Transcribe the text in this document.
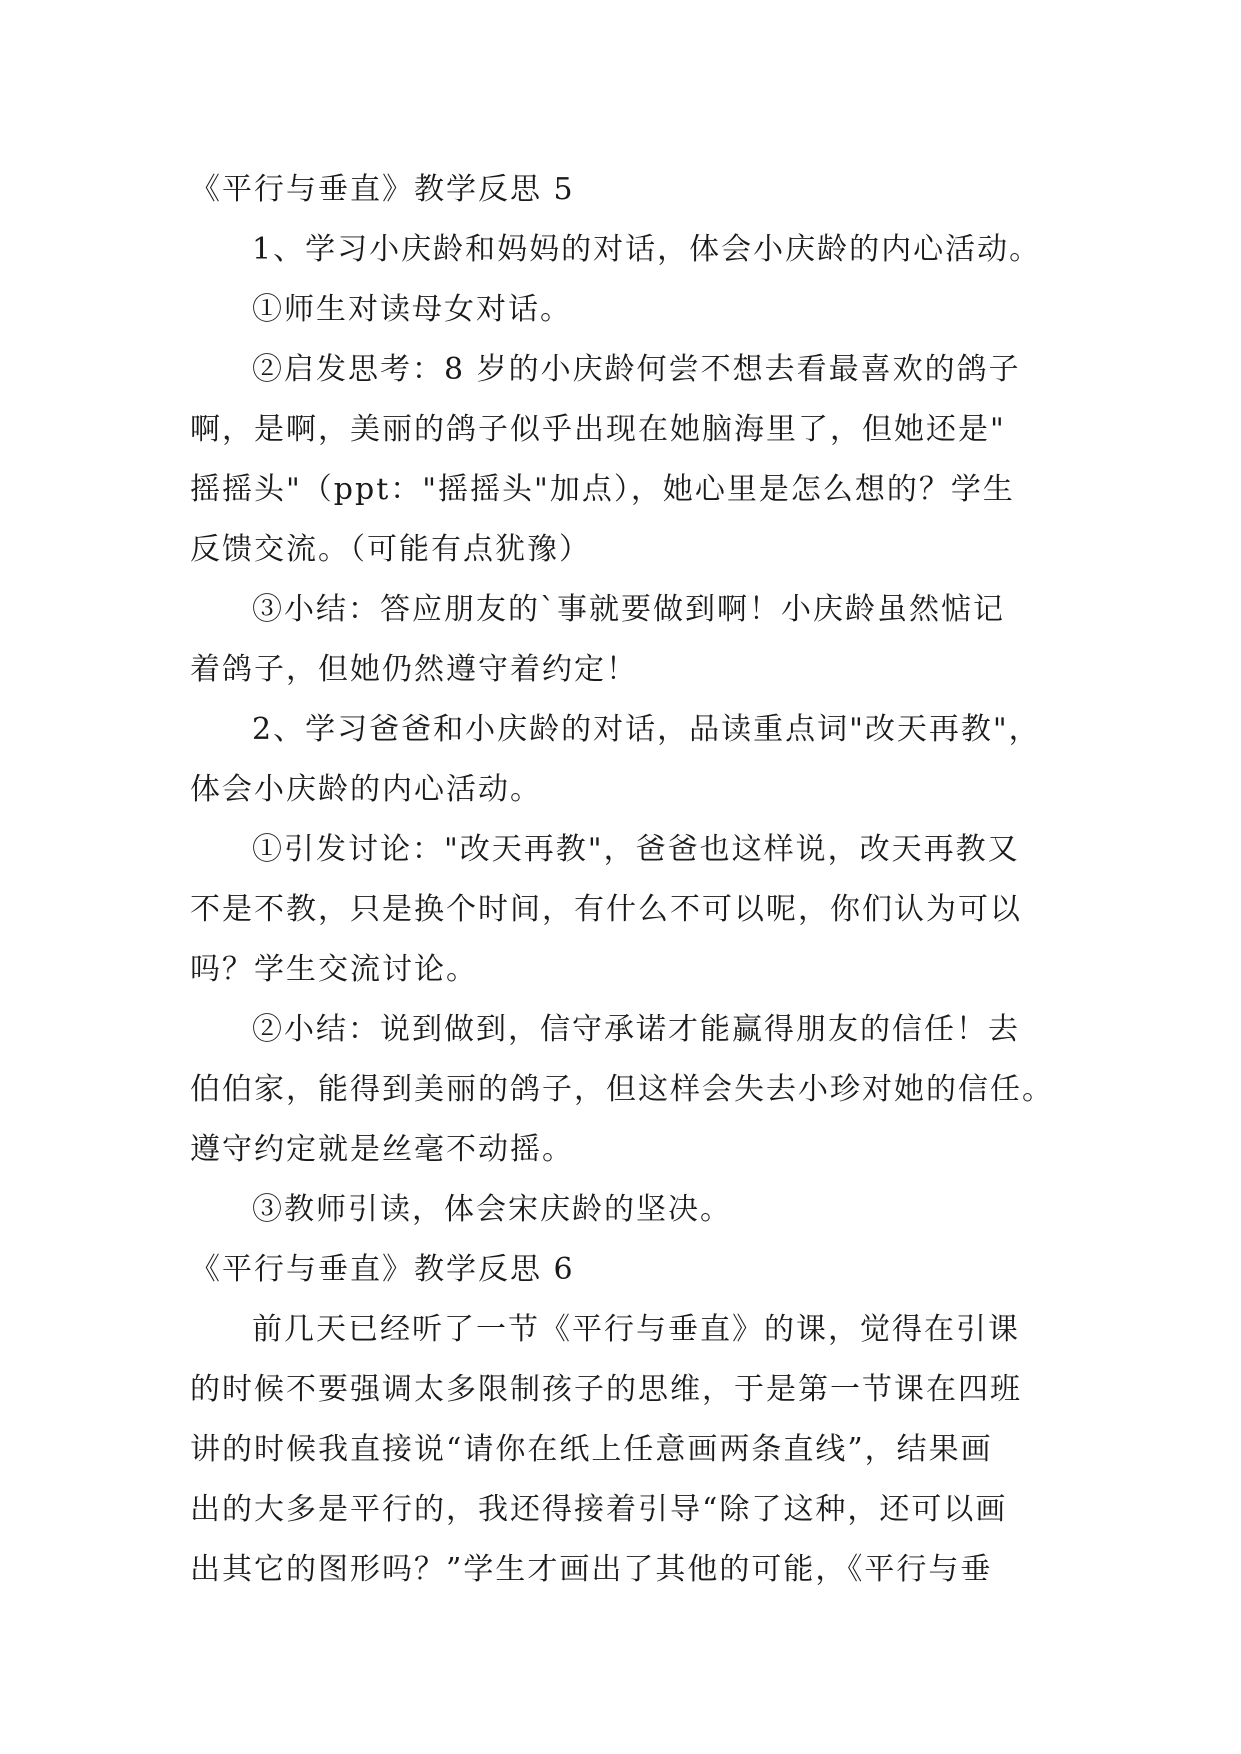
《平行与垂直》教学反思 5
1、学习小庆龄和妈妈的对话，体会小庆龄的内心活动。
①师生对读母女对话。
②启发思考：8 岁的小庆龄何尝不想去看最喜欢的鸽子
啊，是啊，美丽的鸽子似乎出现在她脑海里了，但她还是"
摇摇头"（ppt："摇摇头"加点），她心里是怎么想的？学生
反馈交流。（可能有点犹豫）
③小结：答应朋友的`事就要做到啊！小庆龄虽然惦记
着鸽子，但她仍然遵守着约定！
2、学习爸爸和小庆龄的对话，品读重点词"改天再教"，
体会小庆龄的内心活动。
①引发讨论："改天再教"，爸爸也这样说，改天再教又
不是不教，只是换个时间，有什么不可以呢，你们认为可以
吗？学生交流讨论。
②小结：说到做到，信守承诺才能赢得朋友的信任！去
伯伯家，能得到美丽的鸽子，但这样会失去小珍对她的信任。
遵守约定就是丝毫不动摇。
③教师引读，体会宋庆龄的坚决。
《平行与垂直》教学反思 6
前几天已经听了一节《平行与垂直》的课，觉得在引课
的时候不要强调太多限制孩子的思维，于是第一节课在四班
讲的时候我直接说“请你在纸上任意画两条直线”，结果画
出的大多是平行的，我还得接着引导“除了这种，还可以画
出其它的图形吗？”学生才画出了其他的可能，《平行与垂
